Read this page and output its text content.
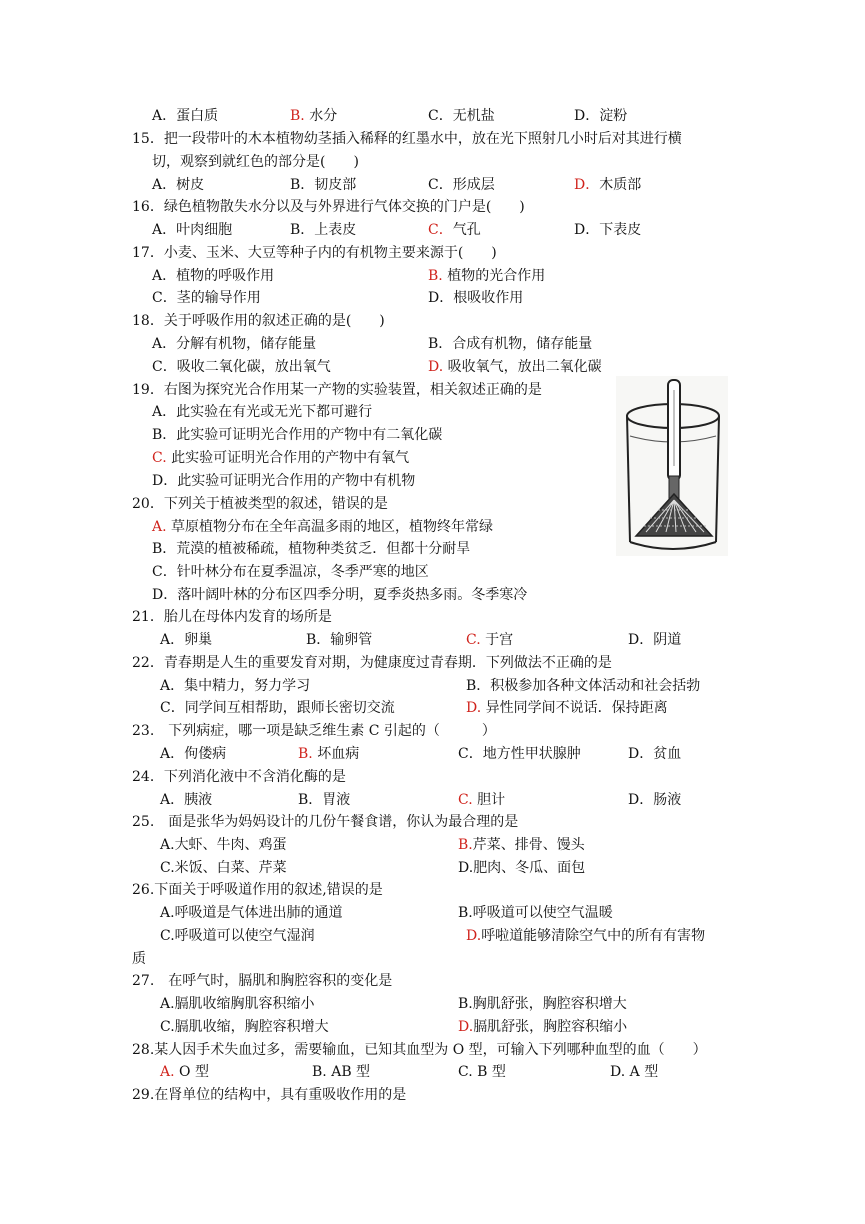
A．蛋白质	B. 水分	C．无机盐	D．淀粉
15．把一段带叶的木本植物幼茎插入稀释的红墨水中，放在光下照射几小时后对其进行横
切，观察到就红色的部分是(　　)
A．树皮	B．韧皮部	C．形成层	D．木质部
16．绿色植物散失水分以及与外界进行气体交换的门户是(　　)
A．叶肉细胞	B．上表皮	C．气孔	D．下表皮
17．小麦、玉米、大豆等种子内的有机物主要来源于(　　)
A．植物的呼吸作用	B. 植物的光合作用
C．茎的输导作用	D．根吸收作用
18．关于呼吸作用的叙述正确的是(　　)
A．分解有机物，储存能量	B．合成有机物，储存能量
C．吸收二氧化碳，放出氧气	D. 吸收氧气，放出二氧化碳
19．右图为探究光合作用某一产物的实验装置，相关叙述正确的是
A．此实验在有光或无光下都可避行
B．此实验可证明光合作用的产物中有二氧化碳
C. 此实验可证明光合作用的产物中有氧气
D．此实验可证明光合作用的产物中有机物
20．下列关于植被类型的叙述，错误的是
A. 草原植物分布在全年高温多雨的地区，植物终年常绿
B．荒漠的植被稀疏，植物种类贫乏．但都十分耐旱
C．针叶林分布在夏季温凉，冬季严寒的地区
D．落叶阔叶林的分布区四季分明，夏季炎热多雨。冬季寒冷
21．胎儿在母体内发育的场所是
A．卵巢	B．输卵管	C. 于宫	D．阴道
22．青春期是人生的重要发育对期，为健康度过青春期．下列做法不正确的是
A．集中精力，努力学习	B．积极参加各种文体活动和社会括勃
C．同学间互相帮助，跟师长密切交流	D. 异性同学间不说话．保持距离
23.　下列病症，哪一项是缺乏维生素 C 引起的（　　　）
A．佝偻病	B. 坏血病	C．地方性甲状腺肿	D．贫血
24．下列消化液中不含消化酶的是
A．胰液	B．胃液	C. 胆计	D．肠液
25.　面是张华为妈妈设计的几份午餐食谱，你认为最合理的是
A.大虾、牛肉、鸡蛋	B.芹菜、排骨、馒头
C.米饭、白菜、芹菜	D.肥肉、冬瓜、面包
26.下面关于呼吸道作用的叙述,错误的是
A.呼吸道是气体进出肺的通道	B.呼吸道可以使空气温暖
C.呼吸道可以使空气湿润	D.呼啦道能够清除空气中的所有有害物
质
27.　在呼气时，膈肌和胸腔容积的变化是
A.膈肌收缩胸肌容积缩小	B.胸肌舒张，胸腔容积增大
C.膈肌收缩，胸腔容积增大	D.膈肌舒张，胸腔容积缩小
28.某人因手术失血过多，需要输血，已知其血型为 O 型，可输入下列哪种血型的血（　　）
A. O 型	B. AB 型	C. B 型	D. A 型
29.在肾单位的结构中，具有重吸收作用的是
